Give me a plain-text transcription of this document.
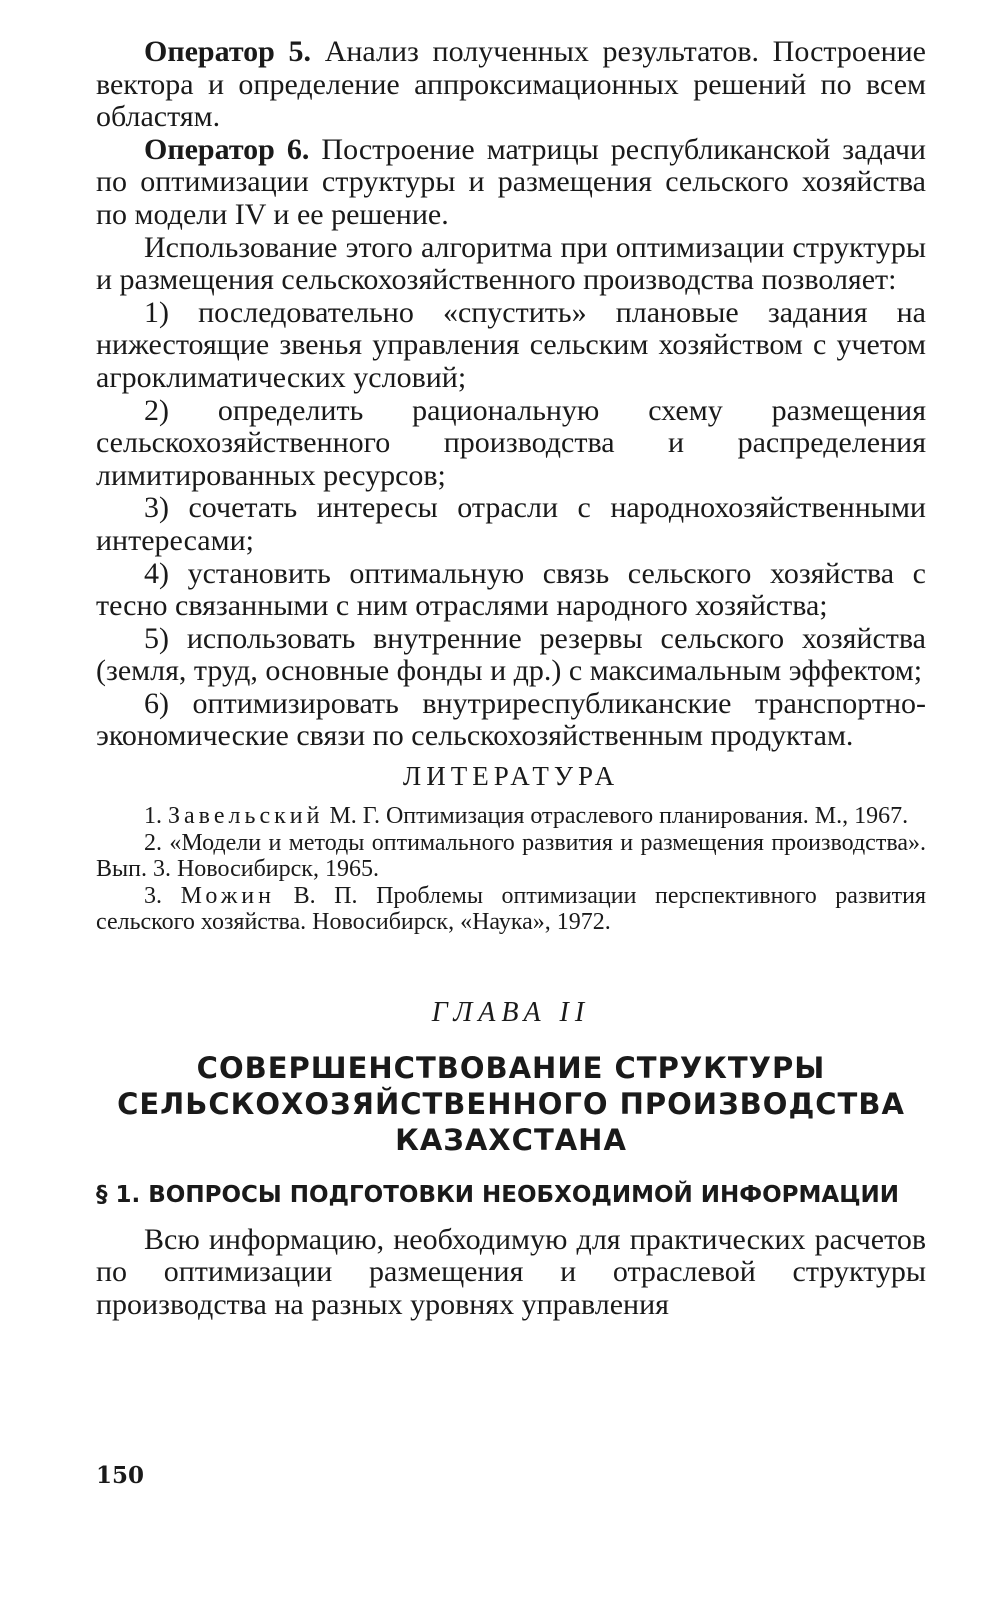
Оператор 5. Анализ полученных результатов. Построение вектора и определение аппроксимационных решений по всем областям.

Оператор 6. Построение матрицы республиканской задачи по оптимизации структуры и размещения сельского хозяйства по модели IV и ее решение.

Использование этого алгоритма при оптимизации структуры и размещения сельскохозяйственного производства позволяет:

1) последовательно «спустить» плановые задания на нижестоящие звенья управления сельским хозяйством с учетом агроклиматических условий;

2) определить рациональную схему размещения сельскохозяйственного производства и распределения лимитированных ресурсов;

3) сочетать интересы отрасли с народнохозяйственными интересами;

4) установить оптимальную связь сельского хозяйства с тесно связанными с ним отраслями народного хозяйства;

5) использовать внутренние резервы сельского хозяйства (земля, труд, основные фонды и др.) с максимальным эффектом;

6) оптимизировать внутриреспубликанские транспортно-экономические связи по сельскохозяйственным продуктам.

ЛИТЕРАТУРА

1. Завельский М. Г. Оптимизация отраслевого планирования. М., 1967.

2. «Модели и методы оптимального развития и размещения производства». Вып. 3. Новосибирск, 1965.

3. Можин В. П. Проблемы оптимизации перспективного развития сельского хозяйства. Новосибирск, «Наука», 1972.

ГЛАВА II
СОВЕРШЕНСТВОВАНИЕ СТРУКТУРЫ
СЕЛЬСКОХОЗЯЙСТВЕННОГО ПРОИЗВОДСТВА
КАЗАХСТАНА
§ 1. ВОПРОСЫ ПОДГОТОВКИ НЕОБХОДИМОЙ ИНФОРМАЦИИ

Всю информацию, необходимую для практических расчетов по оптимизации размещения и отраслевой структуры производства на разных уровнях управления

150
